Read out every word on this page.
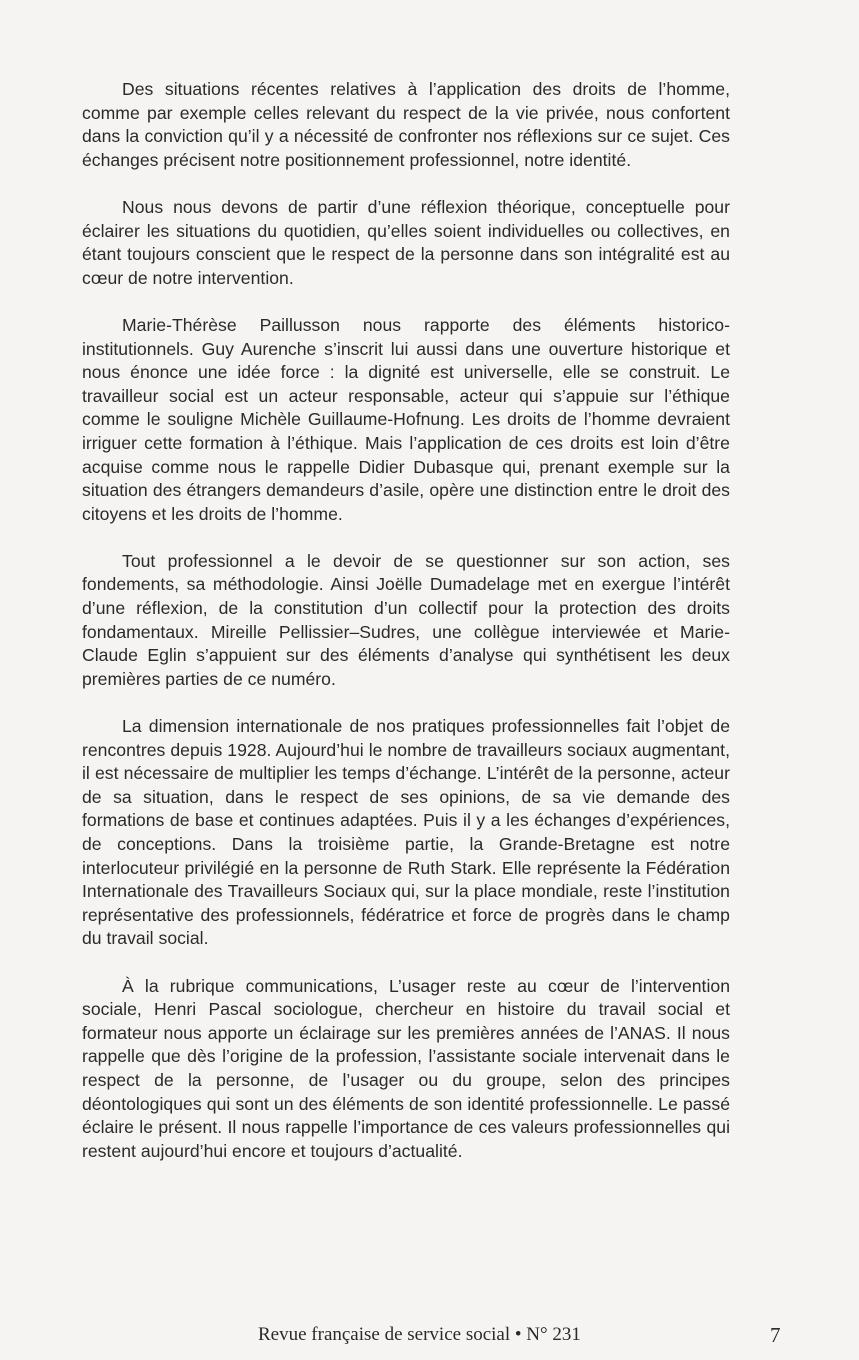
Des situations récentes relatives à l’application des droits de l’homme, comme par exemple celles relevant du respect de la vie privée, nous confortent dans la conviction qu’il y a nécessité de confronter nos réflexions sur ce sujet. Ces échanges précisent notre positionnement professionnel, notre identité.

Nous nous devons de partir d’une réflexion théorique, conceptuelle pour éclairer les situations du quotidien, qu’elles soient individuelles ou collectives, en étant toujours conscient que le respect de la personne dans son intégralité est au cœur de notre intervention.

Marie-Thérèse Paillusson nous rapporte des éléments historico-institutionnels. Guy Aurenche s’inscrit lui aussi dans une ouverture historique et nous énonce une idée force : la dignité est universelle, elle se construit. Le travailleur social est un acteur responsable, acteur qui s’appuie sur l’éthique comme le souligne Michèle Guillaume-Hofnung. Les droits de l’homme devraient irriguer cette formation à l’éthique. Mais l’application de ces droits est loin d’être acquise comme nous le rappelle Didier Dubasque qui, prenant exemple sur la situation des étrangers demandeurs d’asile, opère une distinction entre le droit des citoyens et les droits de l’homme.

Tout professionnel a le devoir de se questionner sur son action, ses fondements, sa méthodologie. Ainsi Joëlle Dumadelage met en exergue l’intérêt d’une réflexion, de la constitution d’un collectif pour la protection des droits fondamentaux. Mireille Pellissier–Sudres, une collègue interviewée et Marie-Claude Eglin s’appuient sur des éléments d’analyse qui synthétisent les deux premières parties de ce numéro.

La dimension internationale de nos pratiques professionnelles fait l’objet de rencontres depuis 1928. Aujourd’hui le nombre de travailleurs sociaux augmentant, il est nécessaire de multiplier les temps d’échange. L’intérêt de la personne, acteur de sa situation, dans le respect de ses opinions, de sa vie demande des formations de base et continues adaptées. Puis il y a les échanges d’expériences, de conceptions. Dans la troisième partie, la Grande-Bretagne est notre interlocuteur privilégié en la personne de Ruth Stark. Elle représente la Fédération Internationale des Travailleurs Sociaux qui, sur la place mondiale, reste l’institution représentative des professionnels, fédératrice et force de progrès dans le champ du travail social.

À la rubrique communications, L’usager reste au cœur de l’intervention sociale, Henri Pascal sociologue, chercheur en histoire du travail social et formateur nous apporte un éclairage sur les premières années de l’ANAS. Il nous rappelle que dès l’origine de la profession, l’assistante sociale intervenait dans le respect de la personne, de l’usager ou du groupe, selon des principes déontologiques qui sont un des éléments de son identité professionnelle. Le passé éclaire le présent. Il nous rappelle l’importance de ces valeurs professionnelles qui restent aujourd’hui encore et toujours d’actualité.

Revue française de service social • N° 231	7
